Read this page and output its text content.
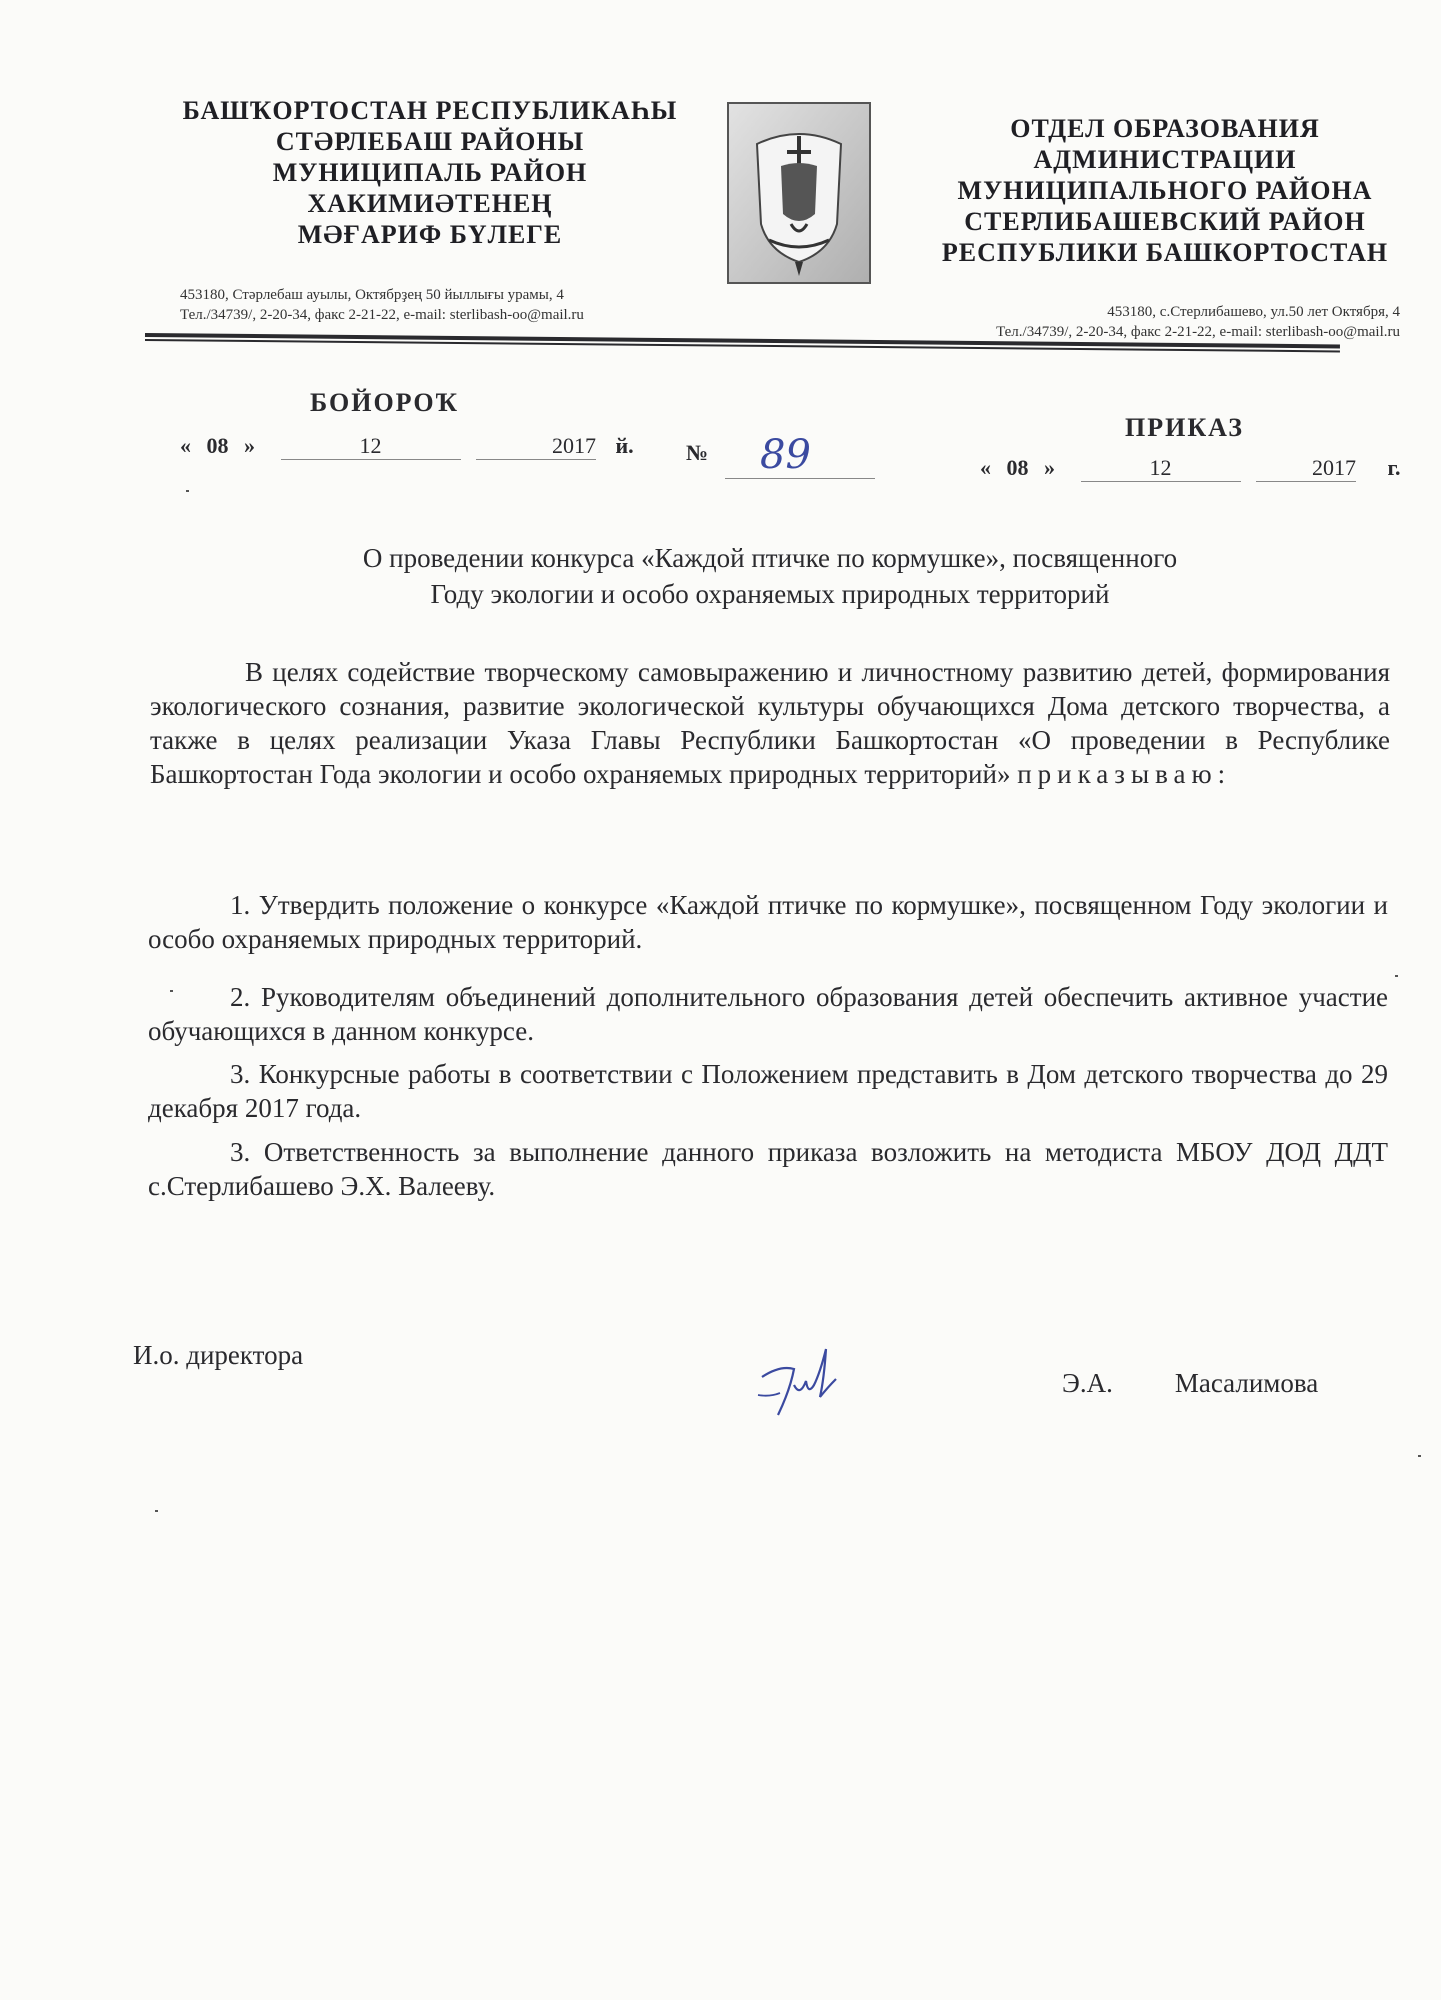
БАШҠОРТОСТАН РЕСПУБЛИКАҺЫ
СТӘРЛЕБАШ РАЙОНЫ
МУНИЦИПАЛЬ РАЙОН
ХАКИМИӘТЕНЕҢ
МӘҒАРИФ БҮЛЕГЕ
ОТДЕЛ ОБРАЗОВАНИЯ
АДМИНИСТРАЦИИ
МУНИЦИПАЛЬНОГО РАЙОНА
СТЕРЛИБАШЕВСКИЙ РАЙОН
РЕСПУБЛИКИ БАШКОРТОСТАН
453180, Стәрлебаш ауылы, Октябрҙең 50 йыллығы урамы, 4
Тел./34739/, 2-20-34, факс 2-21-22, e-mail: sterlibash-oo@mail.ru	453180, с.Стерлибашево, ул.50 лет Октября, 4
Тел./34739/, 2-20-34, факс 2-21-22, e-mail: sterlibash-oo@mail.ru
БОЙОРОҠ
ПРИКАЗ
« 08 »	12	2017 й. № 89	« 08 »	12	2017 г.
О проведении конкурса «Каждой птичке по кормушке», посвященного
Году экологии и особо охраняемых природных территорий
В целях содействие творческому самовыражению и личностному развитию детей, формирования экологического сознания, развитие экологической культуры обучающихся Дома детского творчества, а также в целях реализации Указа Главы Республики Башкортостан «О проведении в Республике Башкортостан Года экологии и особо охраняемых природных территорий» приказываю:
1. Утвердить положение о конкурсе «Каждой птичке по кормушке», посвященном Году экологии и особо охраняемых природных территорий.
2. Руководителям объединений дополнительного образования детей обеспечить активное участие обучающихся в данном конкурсе.
3. Конкурсные работы в соответствии с Положением представить в Дом детского творчества до 29 декабря 2017 года.
3. Ответственность за выполнение данного приказа возложить на методиста МБОУ ДОД ДДТ с.Стерлибашево Э.Х. Валееву.
И.о. директора
Э.А. Масалимова
